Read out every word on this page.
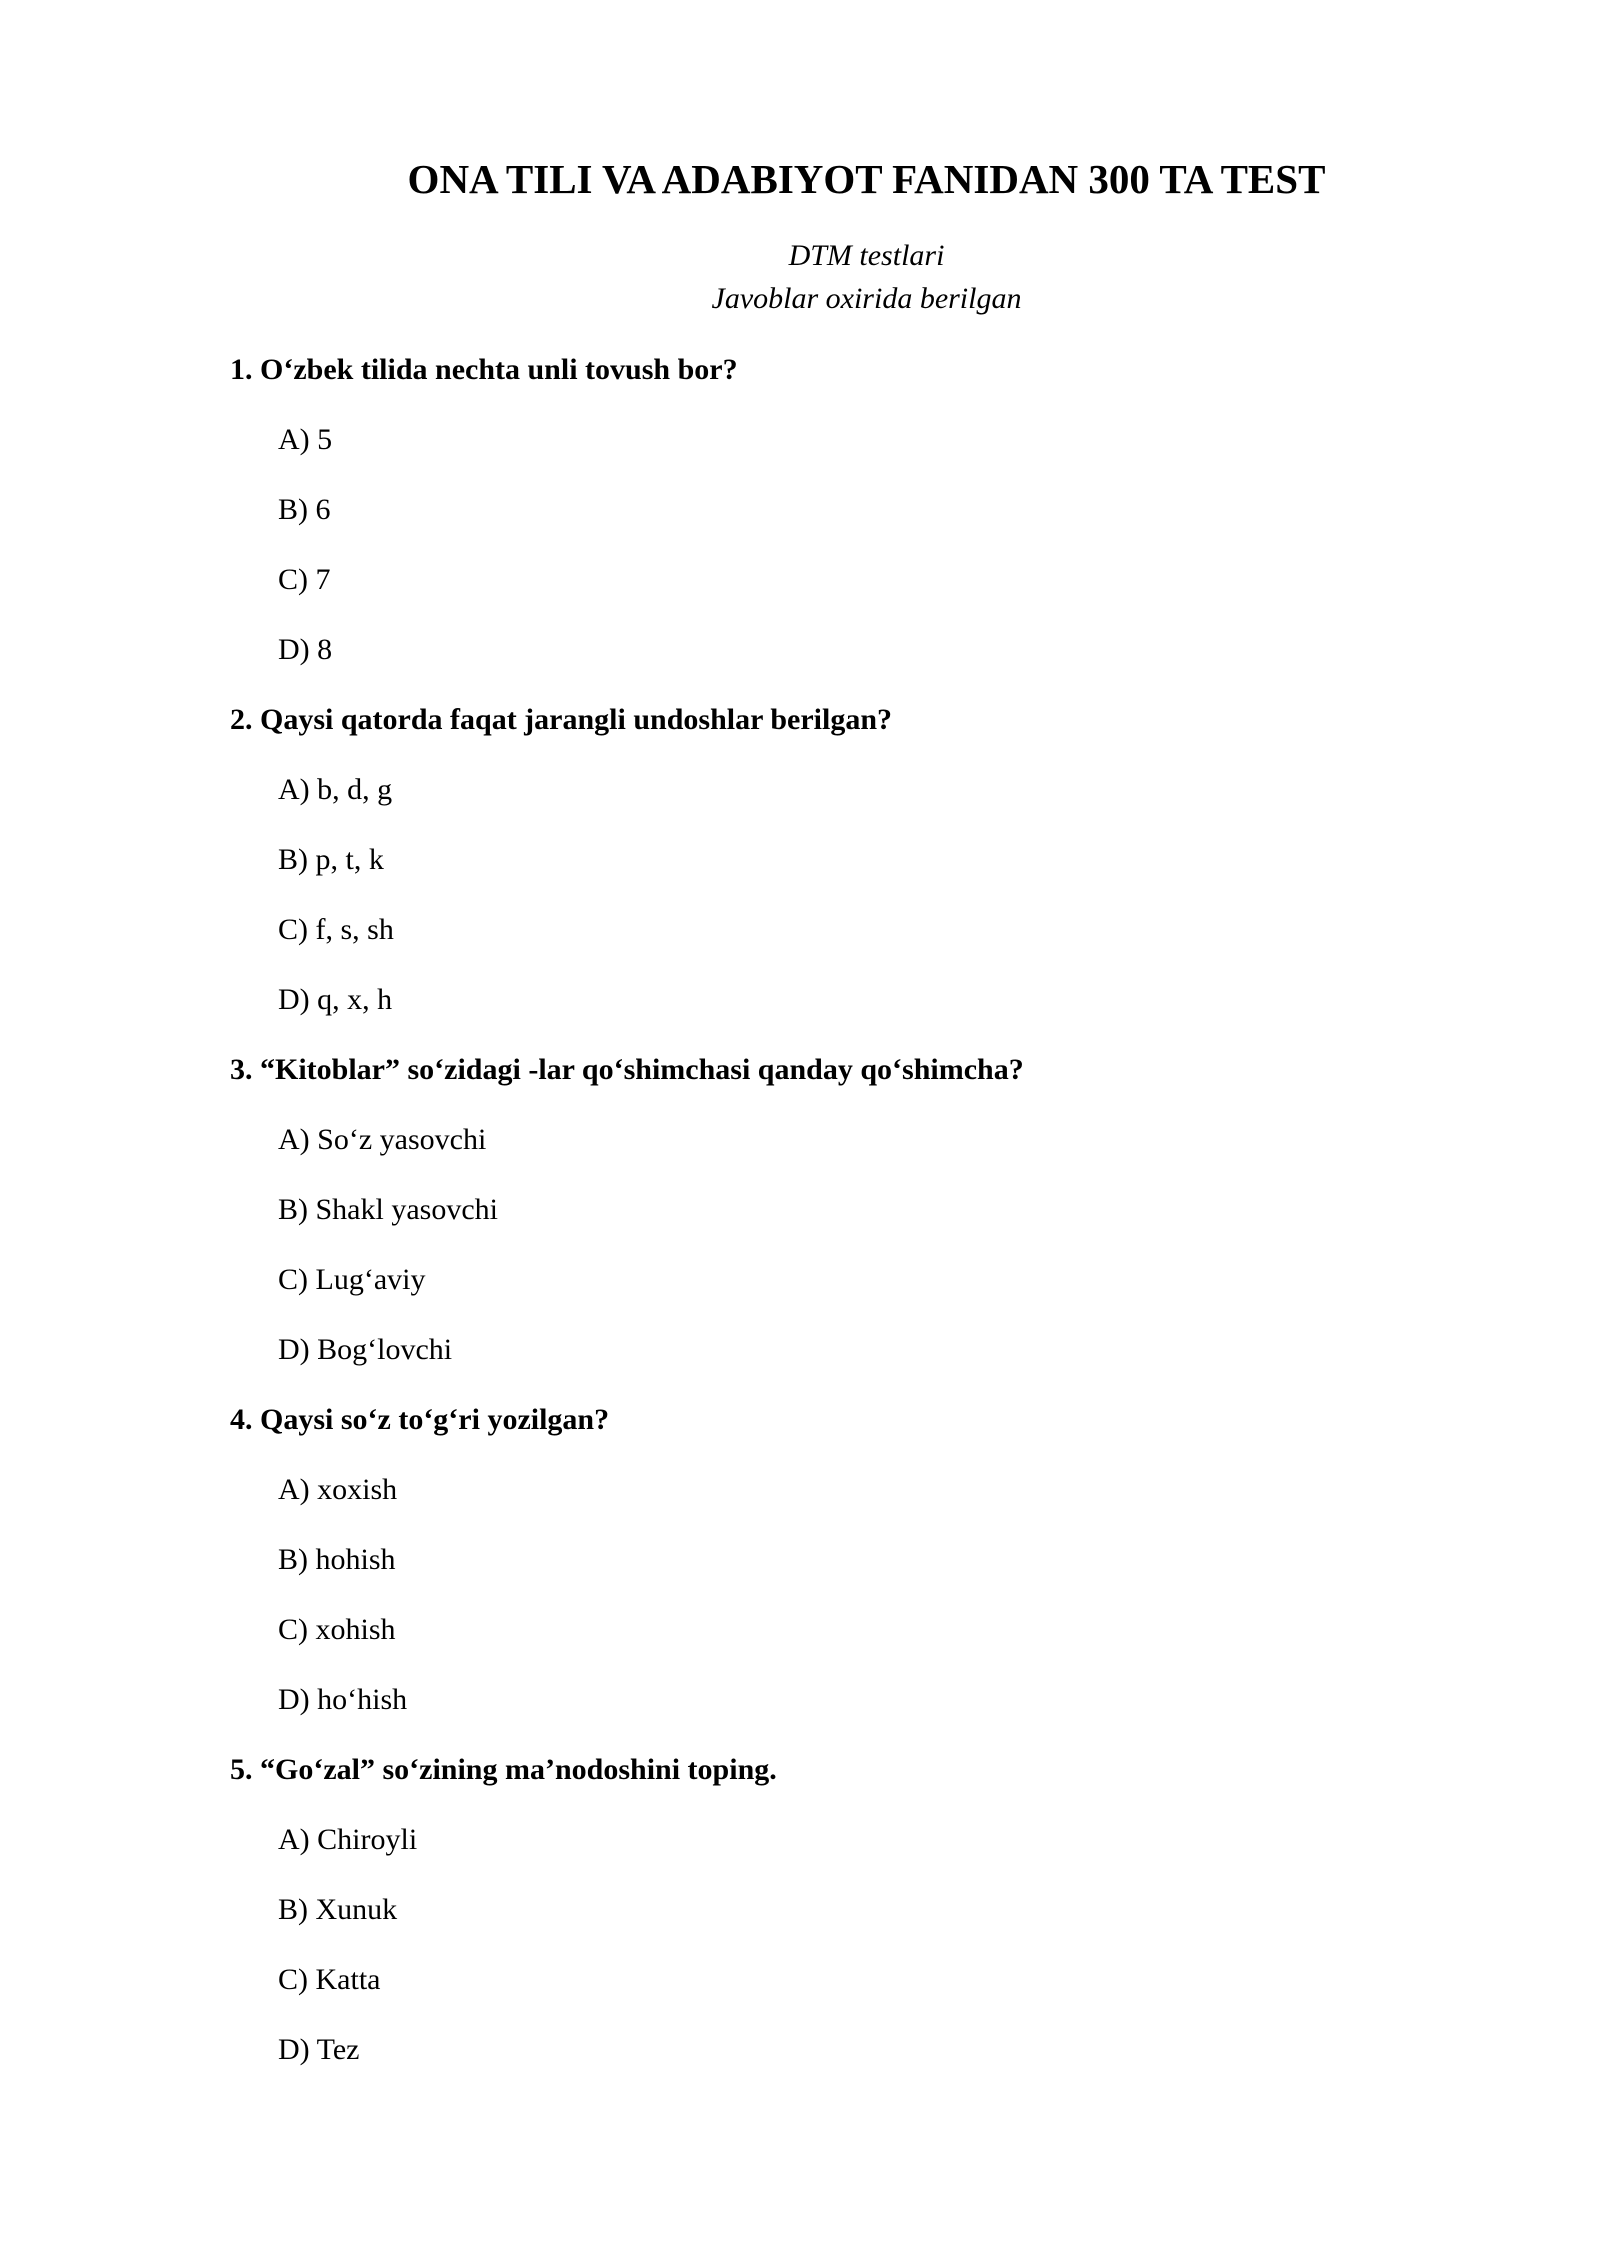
ONA TILI VA ADABIYOT FANIDAN 300 TA TEST
DTM testlari
Javoblar oxirida berilgan
1. O‘zbek tilida nechta unli tovush bor?
A) 5
B) 6
C) 7
D) 8
2. Qaysi qatorda faqat jarangli undoshlar berilgan?
A) b, d, g
B) p, t, k
C) f, s, sh
D) q, x, h
3. “Kitoblar” so‘zidagi -lar qo‘shimchasi qanday qo‘shimcha?
A) So‘z yasovchi
B) Shakl yasovchi
C) Lug‘aviy
D) Bog‘lovchi
4. Qaysi so‘z to‘g‘ri yozilgan?
A) xoxish
B) hohish
C) xohish
D) ho‘hish
5. “Go‘zal” so‘zining ma’nodoshini toping.
A) Chiroyli
B) Xunuk
C) Katta
D) Tez
